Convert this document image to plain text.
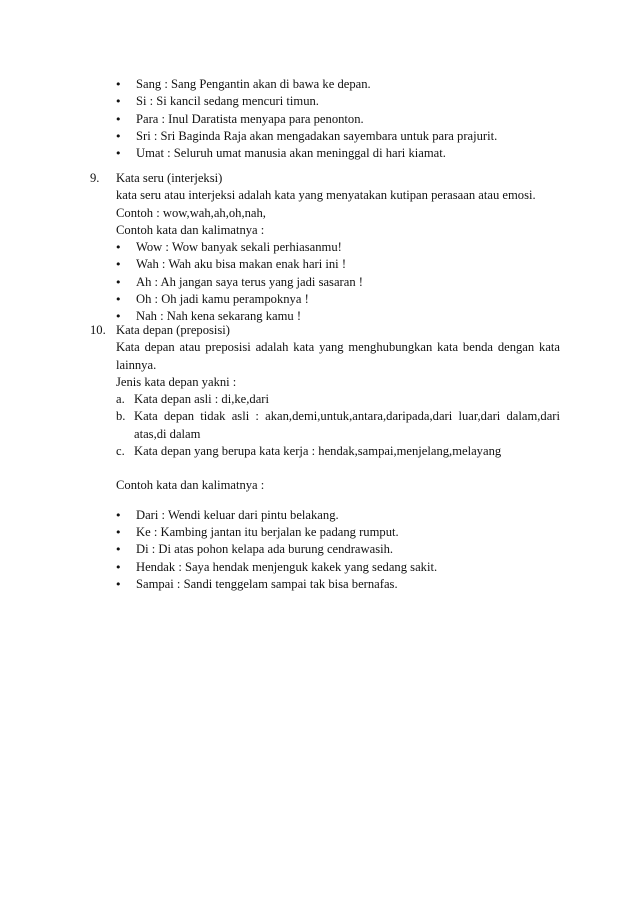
• Sang : Sang Pengantin akan di bawa ke depan.
• Si : Si kancil sedang mencuri timun.
• Para : Inul Daratista menyapa para penonton.
• Sri : Sri Baginda Raja akan mengadakan sayembara untuk para prajurit.
• Umat : Seluruh umat manusia akan meninggal di hari kiamat.
9. Kata seru (interjeksi)
kata seru atau interjeksi adalah kata yang menyatakan kutipan perasaan atau emosi.
Contoh : wow,wah,ah,oh,nah,
Contoh kata dan kalimatnya :
• Wow : Wow banyak sekali perhiasanmu!
• Wah : Wah aku bisa makan enak hari ini !
• Ah : Ah jangan saya terus yang jadi sasaran !
• Oh : Oh jadi kamu perampoknya !
• Nah : Nah kena sekarang kamu !
10. Kata depan (preposisi)
Kata depan atau preposisi adalah kata yang menghubungkan kata benda dengan kata lainnya.
Jenis kata depan yakni :
a. Kata depan asli : di,ke,dari
b. Kata depan tidak asli : akan,demi,untuk,antara,daripada,dari luar,dari dalam,dari atas,di dalam
c. Kata depan yang berupa kata kerja : hendak,sampai,menjelang,melayang
Contoh kata dan kalimatnya :
• Dari : Wendi keluar dari pintu belakang.
• Ke : Kambing jantan itu berjalan ke padang rumput.
• Di : Di atas pohon kelapa ada burung cendrawasih.
• Hendak : Saya hendak menjenguk kakek yang sedang sakit.
• Sampai : Sandi tenggelam sampai tak bisa bernafas.
